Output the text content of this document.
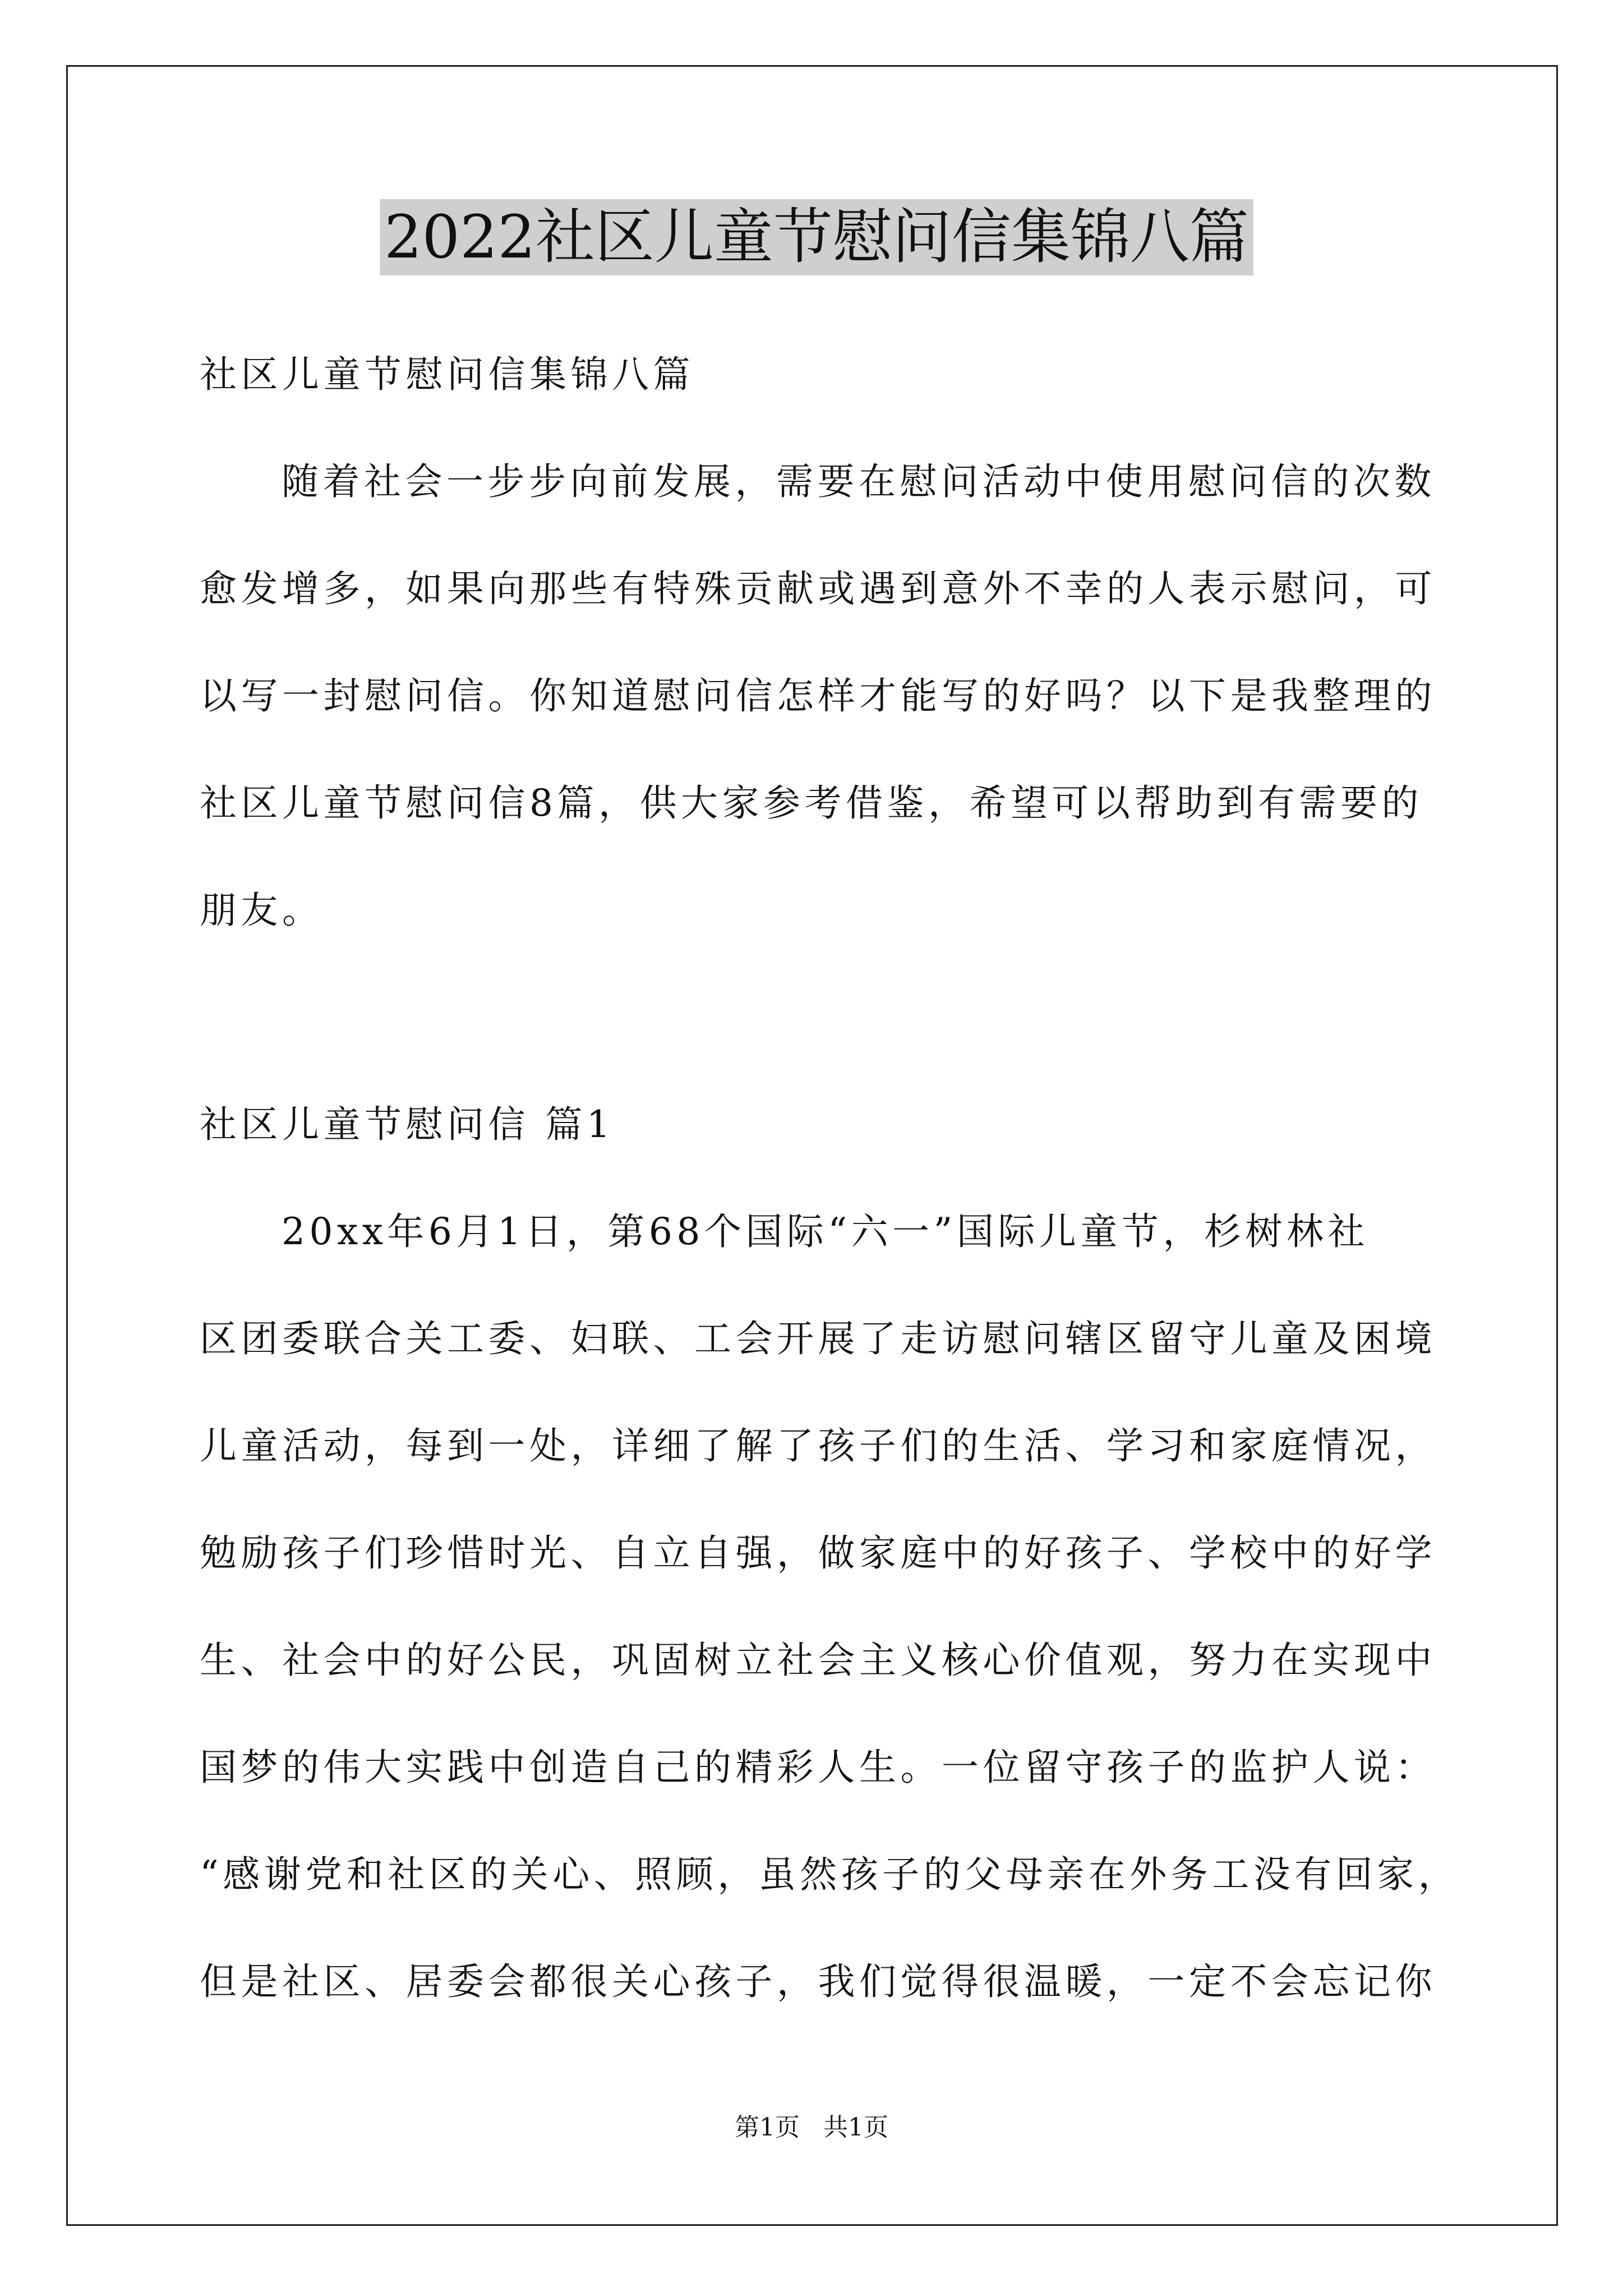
2022社区儿童节慰问信集锦八篇
社区儿童节慰问信集锦八篇
随着社会一步步向前发展，需要在慰问活动中使用慰问信的次数
愈发增多，如果向那些有特殊贡献或遇到意外不幸的人表示慰问，可
以写一封慰问信。你知道慰问信怎样才能写的好吗？以下是我整理的
社区儿童节慰问信8篇，供大家参考借鉴，希望可以帮助到有需要的
朋友。
社区儿童节慰问信 篇1
20xx年6月1日，第68个国际“六一”国际儿童节，杉树林社
区团委联合关工委、妇联、工会开展了走访慰问辖区留守儿童及困境
儿童活动，每到一处，详细了解了孩子们的生活、学习和家庭情况，
勉励孩子们珍惜时光、自立自强，做家庭中的好孩子、学校中的好学
生、社会中的好公民，巩固树立社会主义核心价值观，努力在实现中
国梦的伟大实践中创造自己的精彩人生。一位留守孩子的监护人说：
“感谢党和社区的关心、照顾，虽然孩子的父母亲在外务工没有回家，
但是社区、居委会都很关心孩子，我们觉得很温暖，一定不会忘记你
第1页   共1页
